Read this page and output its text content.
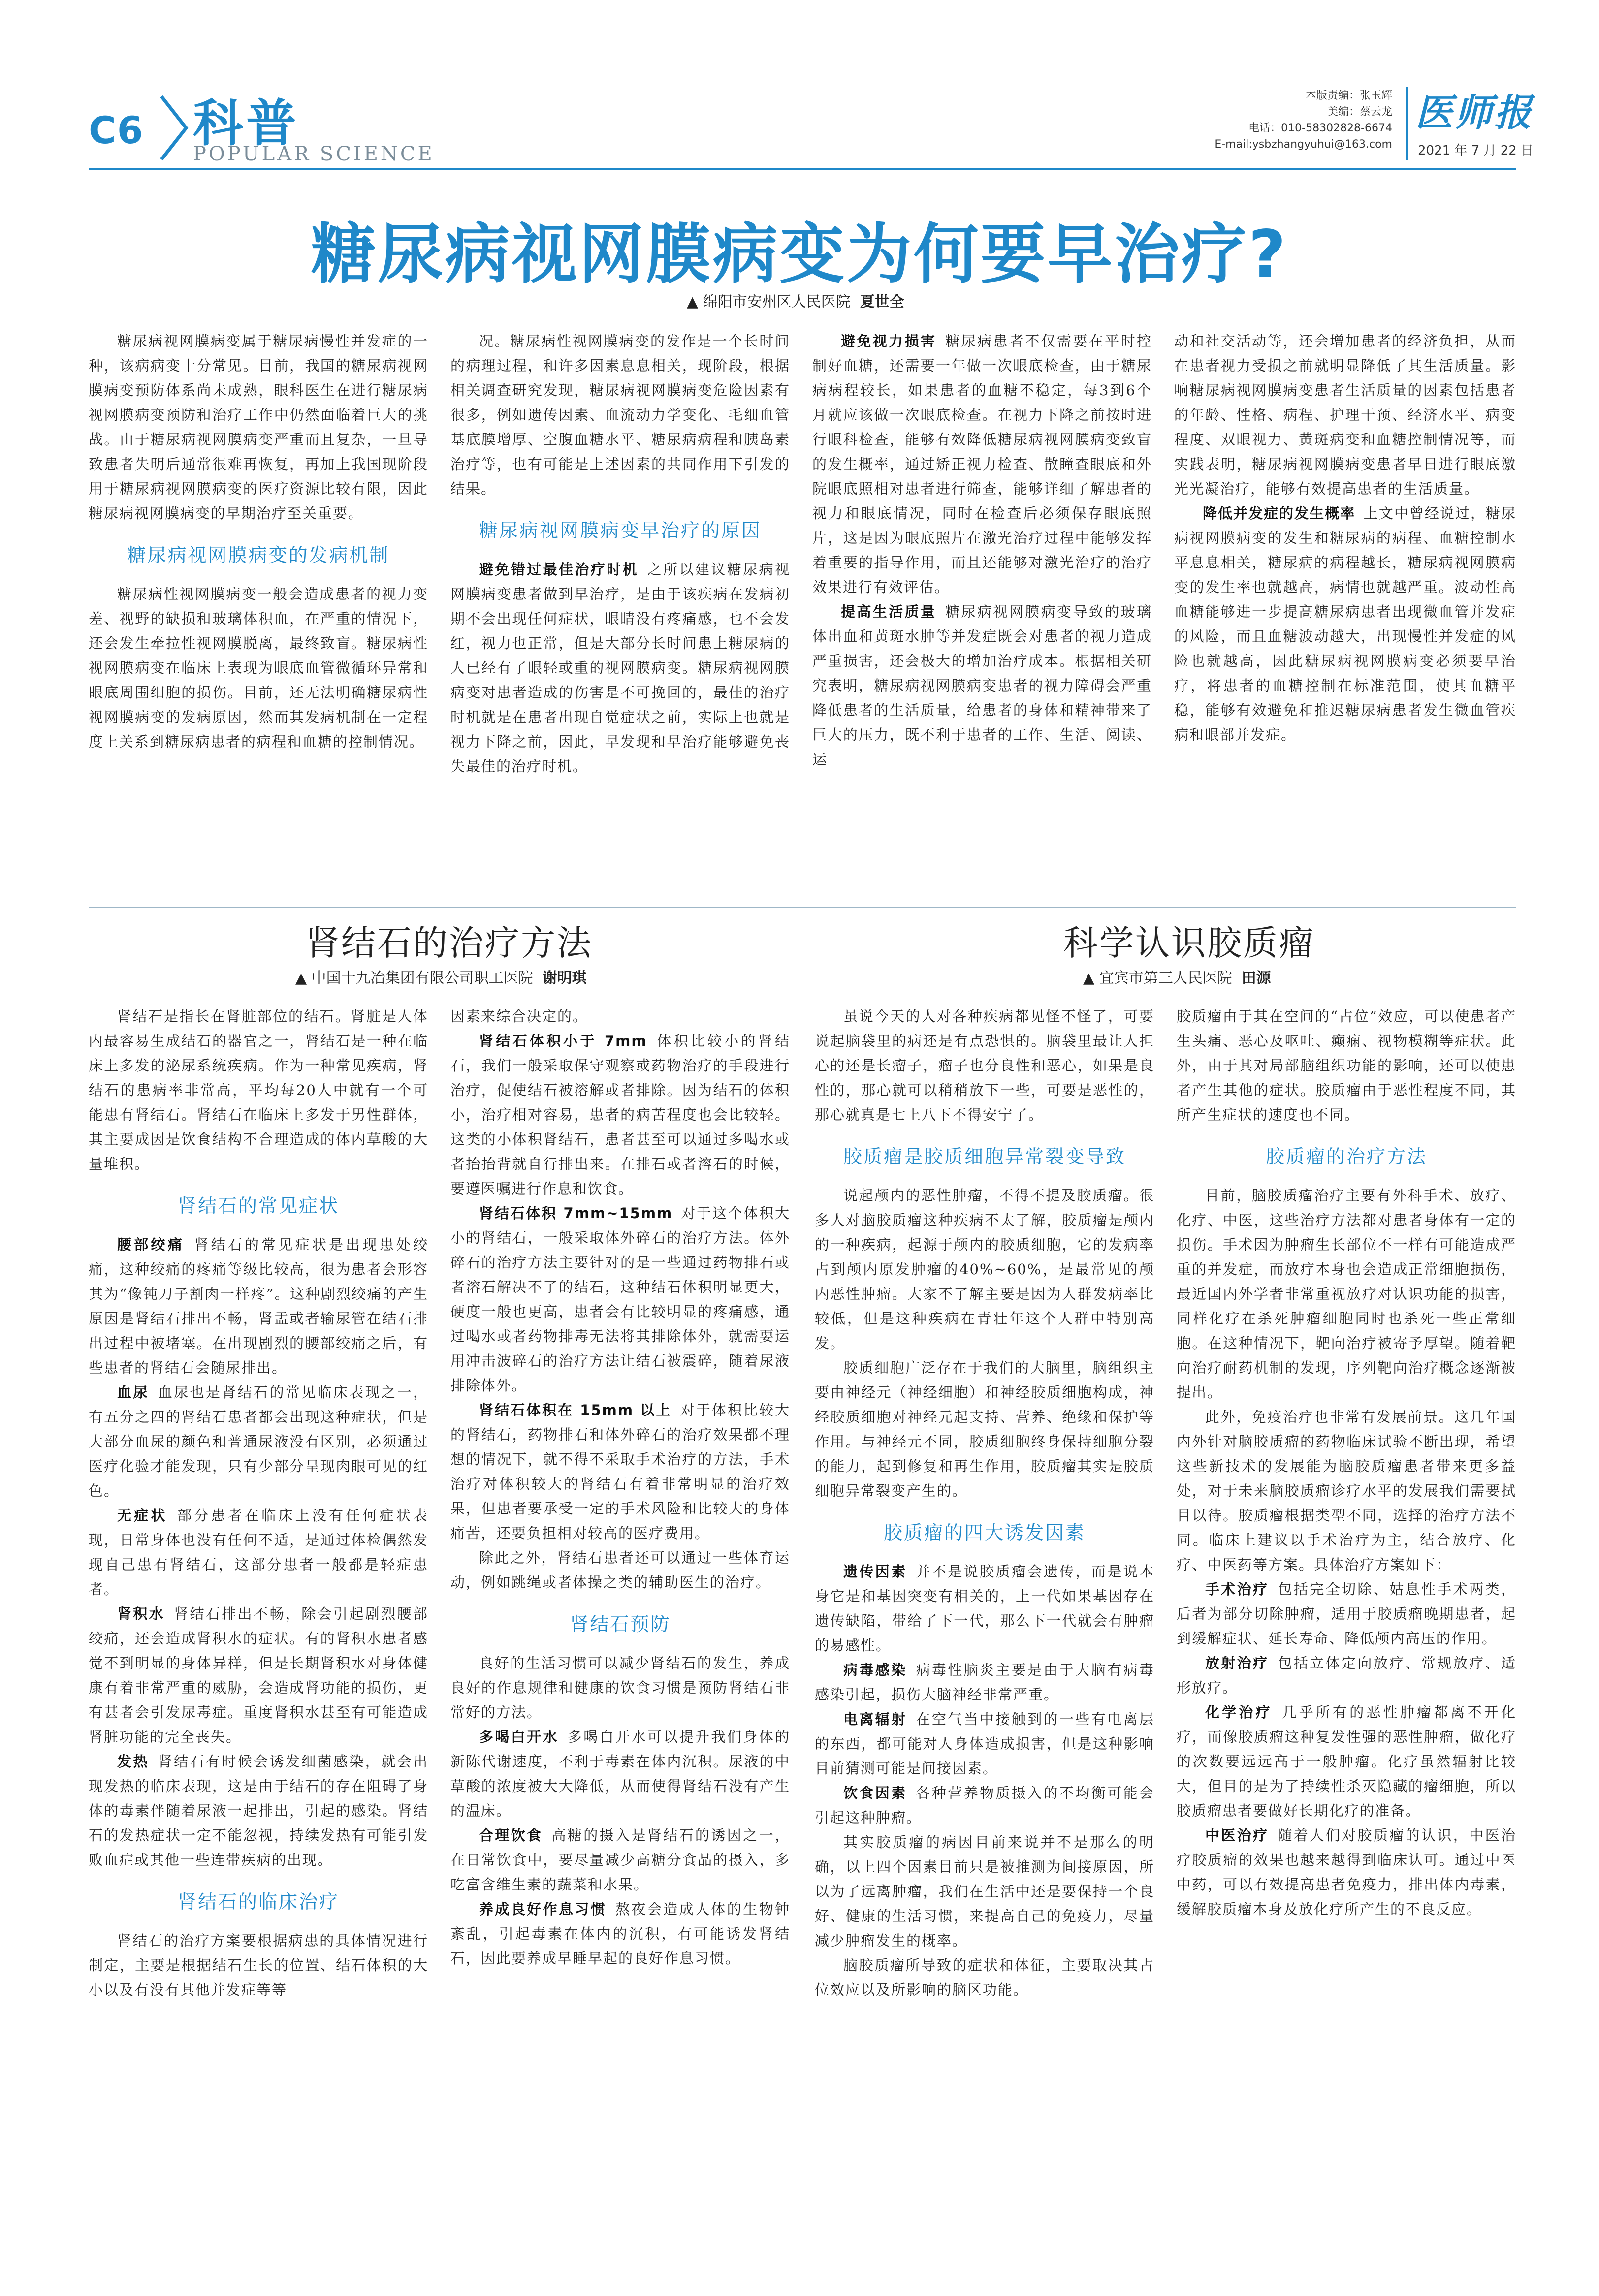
C6 科普
POPULAR SCIENCE
本版责编：张玉辉
美编：蔡云龙
电话：010-58302828-6674
E-mail:ysbzhangyuhui@163.com
医师报
2021 年 7 月 22 日
糖尿病视网膜病变为何要早治疗?
▲ 绵阳市安州区人民医院 夏世全

糖尿病视网膜病变属于糖尿病慢性并发症的一种，该病病变十分常见。目前，我国的糖尿病视网膜病变预防体系尚未成熟，眼科医生在进行糖尿病视网膜病变预防和治疗工作中仍然面临着巨大的挑战。由于糖尿病视网膜病变严重而且复杂，一旦导致患者失明后通常很难再恢复，再加上我国现阶段用于糖尿病视网膜病变的医疗资源比较有限，因此糖尿病视网膜病变的早期治疗至关重要。

糖尿病视网膜病变的发病机制

糖尿病性视网膜病变一般会造成患者的视力变差、视野的缺损和玻璃体积血，在严重的情况下，还会发生牵拉性视网膜脱离，最终致盲。糖尿病性视网膜病变在临床上表现为眼底血管微循环异常和眼底周围细胞的损伤。目前，还无法明确糖尿病性视网膜病变的发病原因，然而其发病机制在一定程度上关系到糖尿病患者的病程和血糖的控制情况。

况。糖尿病性视网膜病变的发作是一个长时间的病理过程，和许多因素息息相关，现阶段，根据相关调查研究发现，糖尿病视网膜病变危险因素有很多，例如遗传因素、血流动力学变化、毛细血管基底膜增厚、空腹血糖水平、糖尿病病程和胰岛素治疗等，也有可能是上述因素的共同作用下引发的结果。

糖尿病视网膜病变早治疗的原因

避免错过最佳治疗时机  之所以建议糖尿病视网膜病变患者做到早治疗，是由于该疾病在发病初期不会出现任何症状，眼睛没有疼痛感，也不会发红，视力也正常，但是大部分长时间患上糖尿病的人已经有了眼轻或重的视网膜病变。糖尿病视网膜病变对患者造成的伤害是不可挽回的，最佳的治疗时机就是在患者出现自觉症状之前，实际上也就是视力下降之前，因此，早发现和早治疗能够避免丧失最佳的治疗时机。

避免视力损害  糖尿病患者不仅需要在平时控制好血糖，还需要一年做一次眼底检查，由于糖尿病病程较长，如果患者的血糖不稳定，每3到6个月就应该做一次眼底检查。在视力下降之前按时进行眼科检查，能够有效降低糖尿病视网膜病变致盲的发生概率，通过矫正视力检查、散瞳查眼底和外院眼底照相对患者进行筛查，能够详细了解患者的视力和眼底情况，同时在检查后必须保存眼底照片，这是因为眼底照片在激光治疗过程中能够发挥着重要的指导作用，而且还能够对激光治疗的治疗效果进行有效评估。

提高生活质量  糖尿病视网膜病变导致的玻璃体出血和黄斑水肿等并发症既会对患者的视力造成严重损害，还会极大的增加治疗成本。根据相关研究表明，糖尿病视网膜病变患者的视力障碍会严重降低患者的生活质量，给患者的身体和精神带来了巨大的压力，既不利于患者的工作、生活、阅读、运

动和社交活动等，还会增加患者的经济负担，从而在患者视力受损之前就明显降低了其生活质量。影响糖尿病视网膜病变患者生活质量的因素包括患者的年龄、性格、病程、护理干预、经济水平、病变程度、双眼视力、黄斑病变和血糖控制情况等，而实践表明，糖尿病视网膜病变患者早日进行眼底激光光凝治疗，能够有效提高患者的生活质量。

降低并发症的发生概率  上文中曾经说过，糖尿病视网膜病变的发生和糖尿病的病程、血糖控制水平息息相关，糖尿病的病程越长，糖尿病视网膜病变的发生率也就越高，病情也就越严重。波动性高血糖能够进一步提高糖尿病患者出现微血管并发症的风险，而且血糖波动越大，出现慢性并发症的风险也就越高，因此糖尿病视网膜病变必须要早治疗，将患者的血糖控制在标准范围，使其血糖平稳，能够有效避免和推迟糖尿病患者发生微血管疾病和眼部并发症。

肾结石的治疗方法
▲ 中国十九冶集团有限公司职工医院 谢明琪

肾结石是指长在肾脏部位的结石。肾脏是人体内最容易生成结石的器官之一，肾结石是一种在临床上多发的泌尿系统疾病。作为一种常见疾病，肾结石的患病率非常高，平均每20人中就有一个可能患有肾结石。肾结石在临床上多发于男性群体，其主要成因是饮食结构不合理造成的体内草酸的大量堆积。

肾结石的常见症状

腰部绞痛  肾结石的常见症状是出现患处绞痛，这种绞痛的疼痛等级比较高，很为患者会形容其为“像钝刀子割肉一样疼”。这种剧烈绞痛的产生原因是肾结石排出不畅，肾盂或者输尿管在结石排出过程中被堵塞。在出现剧烈的腰部绞痛之后，有些患者的肾结石会随尿排出。

血尿  血尿也是肾结石的常见临床表现之一，有五分之四的肾结石患者都会出现这种症状，但是大部分血尿的颜色和普通尿液没有区别，必须通过医疗化验才能发现，只有少部分呈现肉眼可见的红色。

无症状  部分患者在临床上没有任何症状表现，日常身体也没有任何不适，是通过体检偶然发现自己患有肾结石，这部分患者一般都是轻症患者。

肾积水  肾结石排出不畅，除会引起剧烈腰部绞痛，还会造成肾积水的症状。有的肾积水患者感觉不到明显的身体异样，但是长期肾积水对身体健康有着非常严重的威胁，会造成肾功能的损伤，更有甚者会引发尿毒症。重度肾积水甚至有可能造成肾脏功能的完全丧失。

发热  肾结石有时候会诱发细菌感染，就会出现发热的临床表现，这是由于结石的存在阻碍了身体的毒素伴随着尿液一起排出，引起的感染。肾结石的发热症状一定不能忽视，持续发热有可能引发败血症或其他一些连带疾病的出现。

肾结石的临床治疗

肾结石的治疗方案要根据病患的具体情况进行制定，主要是根据结石生长的位置、结石体积的大小以及有没有其他并发症等等

因素来综合决定的。

肾结石体积小于 7mm  体积比较小的肾结石，我们一般采取保守观察或药物治疗的手段进行治疗，促使结石被溶解或者排除。因为结石的体积小，治疗相对容易，患者的病苦程度也会比较轻。这类的小体积肾结石，患者甚至可以通过多喝水或者抬抬背就自行排出来。在排石或者溶石的时候，要遵医嘱进行作息和饮食。

肾结石体积 7mm~15mm  对于这个体积大小的肾结石，一般采取体外碎石的治疗方法。体外碎石的治疗方法主要针对的是一些通过药物排石或者溶石解决不了的结石，这种结石体积明显更大，硬度一般也更高，患者会有比较明显的疼痛感，通过喝水或者药物排毒无法将其排除体外，就需要运用冲击波碎石的治疗方法让结石被震碎，随着尿液排除体外。

肾结石体积在 15mm 以上  对于体积比较大的肾结石，药物排石和体外碎石的治疗效果都不理想的情况下，就不得不采取手术治疗的方法，手术治疗对体积较大的肾结石有着非常明显的治疗效果，但患者要承受一定的手术风险和比较大的身体痛苦，还要负担相对较高的医疗费用。

除此之外，肾结石患者还可以通过一些体育运动，例如跳绳或者体操之类的辅助医生的治疗。

肾结石预防

良好的生活习惯可以减少肾结石的发生，养成良好的作息规律和健康的饮食习惯是预防肾结石非常好的方法。

多喝白开水  多喝白开水可以提升我们身体的新陈代谢速度，不利于毒素在体内沉积。尿液的中草酸的浓度被大大降低，从而使得肾结石没有产生的温床。

合理饮食  高糖的摄入是肾结石的诱因之一，在日常饮食中，要尽量减少高糖分食品的摄入，多吃富含维生素的蔬菜和水果。

养成良好作息习惯  熬夜会造成人体的生物钟紊乱，引起毒素在体内的沉积，有可能诱发肾结石，因此要养成早睡早起的良好作息习惯。

科学认识胶质瘤
▲ 宜宾市第三人民医院 田源

虽说今天的人对各种疾病都见怪不怪了，可要说起脑袋里的病还是有点恐惧的。脑袋里最让人担心的还是长瘤子，瘤子也分良性和恶心，如果是良性的，那心就可以稍稍放下一些，可要是恶性的，那心就真是七上八下不得安宁了。

胶质瘤是胶质细胞异常裂变导致

说起颅内的恶性肿瘤，不得不提及胶质瘤。很多人对脑胶质瘤这种疾病不太了解，胶质瘤是颅内的一种疾病，起源于颅内的胶质细胞，它的发病率占到颅内原发肿瘤的40%~60%，是最常见的颅内恶性肿瘤。大家不了解主要是因为人群发病率比较低，但是这种疾病在青壮年这个人群中特别高发。

胶质细胞广泛存在于我们的大脑里，脑组织主要由神经元（神经细胞）和神经胶质细胞构成，神经胶质细胞对神经元起支持、营养、绝缘和保护等作用。与神经元不同，胶质细胞终身保持细胞分裂的能力，起到修复和再生作用，胶质瘤其实是胶质细胞异常裂变产生的。

胶质瘤的四大诱发因素

遗传因素  并不是说胶质瘤会遗传，而是说本身它是和基因突变有相关的，上一代如果基因存在遗传缺陷，带给了下一代，那么下一代就会有肿瘤的易感性。

病毒感染  病毒性脑炎主要是由于大脑有病毒感染引起，损伤大脑神经非常严重。

电离辐射  在空气当中接触到的一些有电离层的东西，都可能对人身体造成损害，但是这种影响目前猜测可能是间接因素。

饮食因素  各种营养物质摄入的不均衡可能会引起这种肿瘤。

其实胶质瘤的病因目前来说并不是那么的明确，以上四个因素目前只是被推测为间接原因，所以为了远离肿瘤，我们在生活中还是要保持一个良好、健康的生活习惯，来提高自己的免疫力，尽量减少肿瘤发生的概率。

脑胶质瘤所导致的症状和体征，主要取决其占位效应以及所影响的脑区功能。

胶质瘤由于其在空间的“占位”效应，可以使患者产生头痛、恶心及呕吐、癫痫、视物模糊等症状。此外，由于其对局部脑组织功能的影响，还可以使患者产生其他的症状。胶质瘤由于恶性程度不同，其所产生症状的速度也不同。

胶质瘤的治疗方法

目前，脑胶质瘤治疗主要有外科手术、放疗、化疗、中医，这些治疗方法都对患者身体有一定的损伤。手术因为肿瘤生长部位不一样有可能造成严重的并发症，而放疗本身也会造成正常细胞损伤，最近国内外学者非常重视放疗对认识功能的损害，同样化疗在杀死肿瘤细胞同时也杀死一些正常细胞。在这种情况下，靶向治疗被寄予厚望。随着靶向治疗耐药机制的发现，序列靶向治疗概念逐渐被提出。

此外，免疫治疗也非常有发展前景。这几年国内外针对脑胶质瘤的药物临床试验不断出现，希望这些新技术的发展能为脑胶质瘤患者带来更多益处，对于未来脑胶质瘤诊疗水平的发展我们需要拭目以待。胶质瘤根据类型不同，选择的治疗方法不同。临床上建议以手术治疗为主，结合放疗、化疗、中医药等方案。具体治疗方案如下：

手术治疗  包括完全切除、姑息性手术两类，后者为部分切除肿瘤，适用于胶质瘤晚期患者，起到缓解症状、延长寿命、降低颅内高压的作用。

放射治疗  包括立体定向放疗、常规放疗、适形放疗。

化学治疗  几乎所有的恶性肿瘤都离不开化疗，而像胶质瘤这种复发性强的恶性肿瘤，做化疗的次数要远远高于一般肿瘤。化疗虽然辐射比较大，但目的是为了持续性杀灭隐藏的瘤细胞，所以胶质瘤患者要做好长期化疗的准备。

中医治疗  随着人们对胶质瘤的认识，中医治疗胶质瘤的效果也越来越得到临床认可。通过中医中药，可以有效提高患者免疫力，排出体内毒素，缓解胶质瘤本身及放化疗所产生的不良反应。
